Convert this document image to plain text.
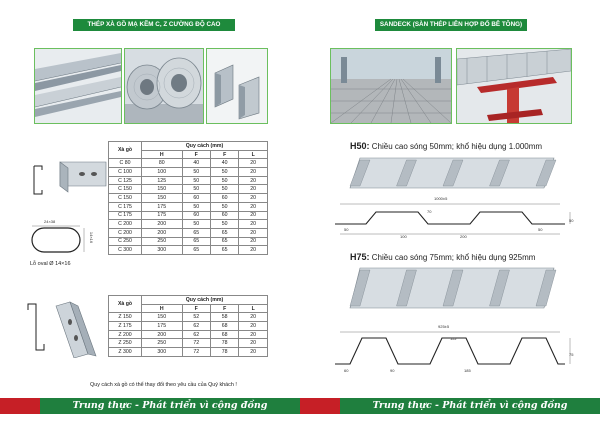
THÉP XÀ GỒ MẠ KẼM C, Z CƯỜNG ĐỘ CAO
24×38
14×16
Lỗ oval Ø 14×16
Xà gồ	Quy cách (mm)			
	H	F	F	L
C 80	80	40	40	20
C 100	100	50	50	20
C 125	125	50	50	20
C 150	150	50	50	20
C 150	150	60	60	20
C 175	175	50	50	20
C 175	175	60	60	20
C 200	200	50	50	20
C 200	200	65	65	20
C 250	250	65	65	20
C 300	300	65	65	20
Xà gồ	Quy cách (mm)			
	H	F	F	L
Z 150	150	52	58	20
Z 175	175	62	68	20
Z 200	200	62	68	20
Z 250	250	72	78	20
Z 300	300	72	78	20
Quy cách xà gồ có thể thay đổi theo yêu cầu của Quý khách !
Trung thực - Phát triển vì cộng đồng
SANDECK (SÀN THÉP LIÊN HỢP ĐỔ BÊ TÔNG)
H50: Chiều cao sóng 50mm; khổ hiệu dụng 1.000mm
1000±5
70
50
100	200
50	50
H75: Chiều cao sóng 75mm; khổ hiệu dụng 925mm
925±5
115
75
90	185
60
Trung thực - Phát triển vì cộng đồng
